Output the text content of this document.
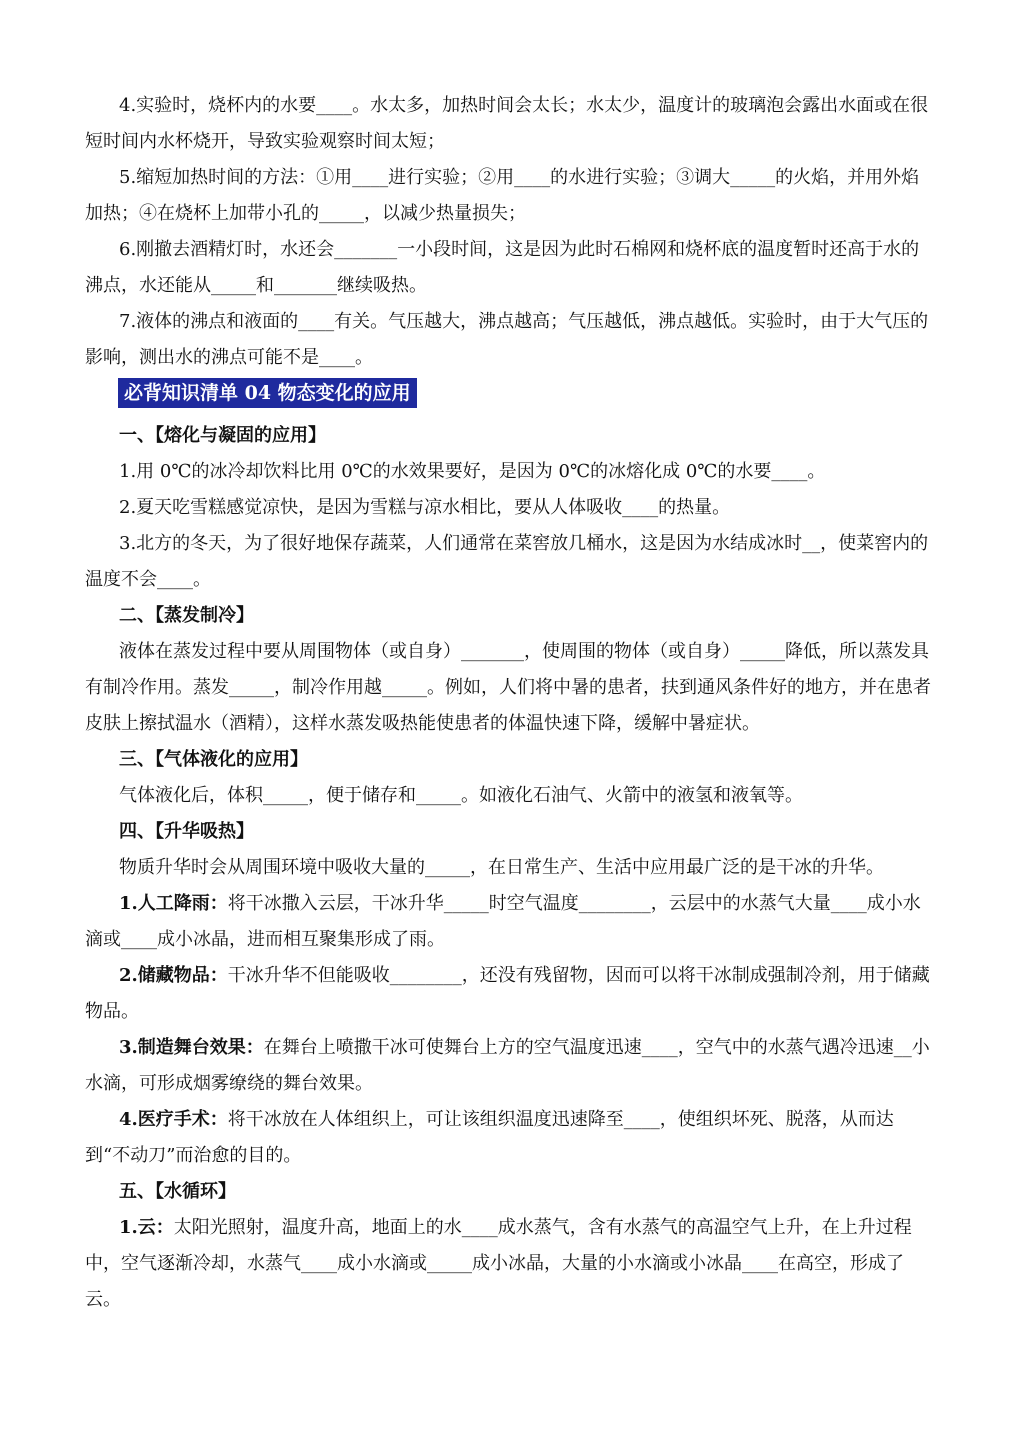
4.实验时，烧杯内的水要____。水太多，加热时间会太长；水太少，温度计的玻璃泡会露出水面或在很短时间内水杯烧开，导致实验观察时间太短；
5.缩短加热时间的方法：①用____进行实验；②用____的水进行实验；③调大_____的火焰，并用外焰加热；④在烧杯上加带小孔的_____，以减少热量损失；
6.刚撤去酒精灯时，水还会_______一小段时间，这是因为此时石棉网和烧杯底的温度暂时还高于水的沸点，水还能从_____和_______继续吸热。
7.液体的沸点和液面的____有关。气压越大，沸点越高；气压越低，沸点越低。实验时，由于大气压的影响，测出水的沸点可能不是____。
必背知识清单 04 物态变化的应用
一、【熔化与凝固的应用】
1.用 0℃的冰冷却饮料比用 0℃的水效果要好，是因为 0℃的冰熔化成 0℃的水要____。
2.夏天吃雪糕感觉凉快，是因为雪糕与凉水相比，要从人体吸收____的热量。
3.北方的冬天，为了很好地保存蔬菜，人们通常在菜窖放几桶水，这是因为水结成冰时__，使菜窖内的温度不会____。
二、【蒸发制冷】
液体在蒸发过程中要从周围物体（或自身）_______，使周围的物体（或自身）_____降低，所以蒸发具有制冷作用。蒸发_____，制冷作用越_____。例如，人们将中暑的患者，扶到通风条件好的地方，并在患者皮肤上擦拭温水（酒精），这样水蒸发吸热能使患者的体温快速下降，缓解中暑症状。
三、【气体液化的应用】
气体液化后，体积_____，便于储存和_____。如液化石油气、火箭中的液氢和液氧等。
四、【升华吸热】
物质升华时会从周围环境中吸收大量的_____，在日常生产、生活中应用最广泛的是干冰的升华。
1.人工降雨：将干冰撒入云层，干冰升华_____时空气温度________，云层中的水蒸气大量____成小水滴或____成小冰晶，进而相互聚集形成了雨。
2.储藏物品：干冰升华不但能吸收________，还没有残留物，因而可以将干冰制成强制冷剂，用于储藏物品。
3.制造舞台效果：在舞台上喷撒干冰可使舞台上方的空气温度迅速____，空气中的水蒸气遇冷迅速__小水滴，可形成烟雾缭绕的舞台效果。
4.医疗手术：将干冰放在人体组织上，可让该组织温度迅速降至____，使组织坏死、脱落，从而达到“不动刀”而治愈的目的。
五、【水循环】
1.云：太阳光照射，温度升高，地面上的水____成水蒸气，含有水蒸气的高温空气上升，在上升过程中，空气逐渐冷却，水蒸气____成小水滴或_____成小冰晶，大量的小水滴或小冰晶____在高空，形成了云。
